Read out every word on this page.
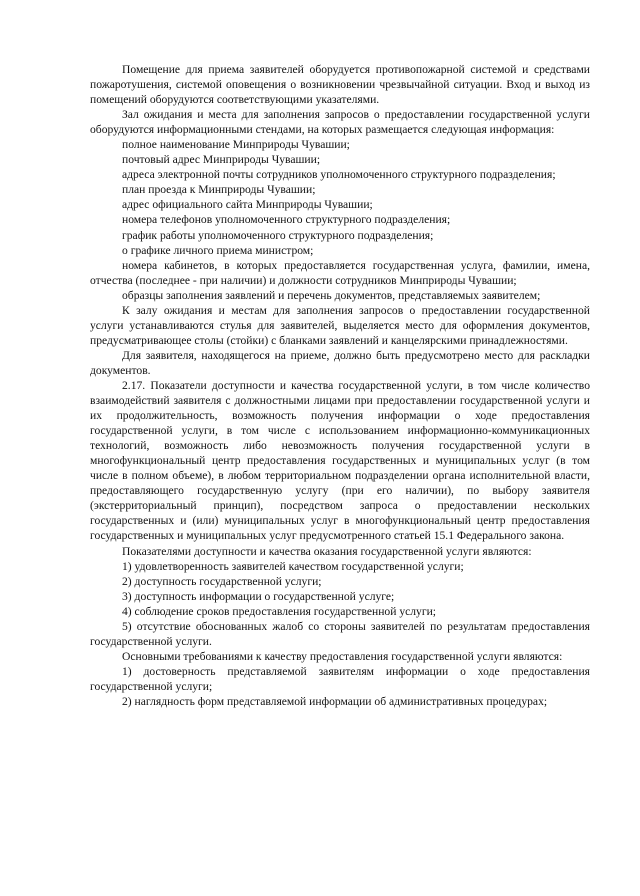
Помещение для приема заявителей оборудуется противопожарной системой и средствами пожаротушения, системой оповещения о возникновении чрезвычайной ситуации. Вход и выход из помещений оборудуются соответствующими указателями.

Зал ожидания и места для заполнения запросов о предоставлении государственной услуги оборудуются информационными стендами, на которых размещается следующая информация:

полное наименование Минприроды Чувашии;

почтовый адрес Минприроды Чувашии;

адреса электронной почты сотрудников уполномоченного структурного подразделения;

план проезда к Минприроды Чувашии;

адрес официального сайта Минприроды Чувашии;

номера телефонов уполномоченного структурного подразделения;

график работы уполномоченного структурного подразделения;

о графике личного приема министром;

номера кабинетов, в которых предоставляется государственная услуга, фамилии, имена, отчества (последнее - при наличии) и должности сотрудников Минприроды Чувашии;

образцы заполнения заявлений и перечень документов, представляемых заявителем;

К залу ожидания и местам для заполнения запросов о предоставлении государственной услуги устанавливаются стулья для заявителей, выделяется место для оформления документов, предусматривающее столы (стойки) с бланками заявлений и канцелярскими принадлежностями.

Для заявителя, находящегося на приеме, должно быть предусмотрено место для раскладки документов.

2.17. Показатели доступности и качества государственной услуги, в том числе количество взаимодействий заявителя с должностными лицами при предоставлении государственной услуги и их продолжительность, возможность получения информации о ходе предоставления государственной услуги, в том числе с использованием информационно-коммуникационных технологий, возможность либо невозможность получения государственной услуги в многофункциональный центр предоставления государственных и муниципальных услуг (в том числе в полном объеме), в любом территориальном подразделении органа исполнительной власти, предоставляющего государственную услугу (при его наличии), по выбору заявителя (экстерриториальный принцип), посредством запроса о предоставлении нескольких государственных и (или) муниципальных услуг в многофункциональный центр предоставления государственных и муниципальных услуг предусмотренного статьей 15.1 Федерального закона.

Показателями доступности и качества оказания государственной услуги являются:

1) удовлетворенность заявителей качеством государственной услуги;

2) доступность государственной услуги;

3) доступность информации о государственной услуге;

4) соблюдение сроков предоставления государственной услуги;

5) отсутствие обоснованных жалоб со стороны заявителей по результатам предоставления государственной услуги.

Основными требованиями к качеству предоставления государственной услуги являются:

1) достоверность представляемой заявителям информации о ходе предоставления государственной услуги;

2) наглядность форм представляемой информации об административных процедурах;
